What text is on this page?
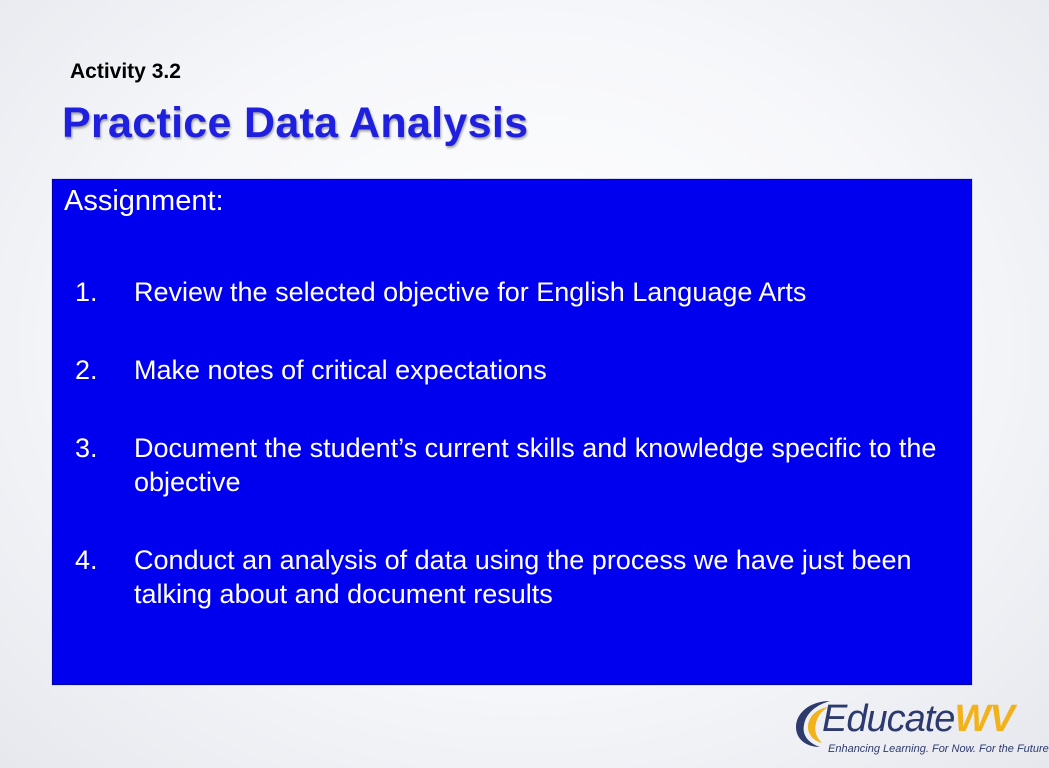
Activity 3.2
Practice Data Analysis
Assignment:
1.	Review the selected objective for English Language Arts
2.	Make notes of critical expectations
3.	Document the student’s current skills and knowledge specific to the objective
4.	Conduct an analysis of data using the process we have just been talking about and document results
EducateWV
Enhancing Learning. For Now. For the Future
